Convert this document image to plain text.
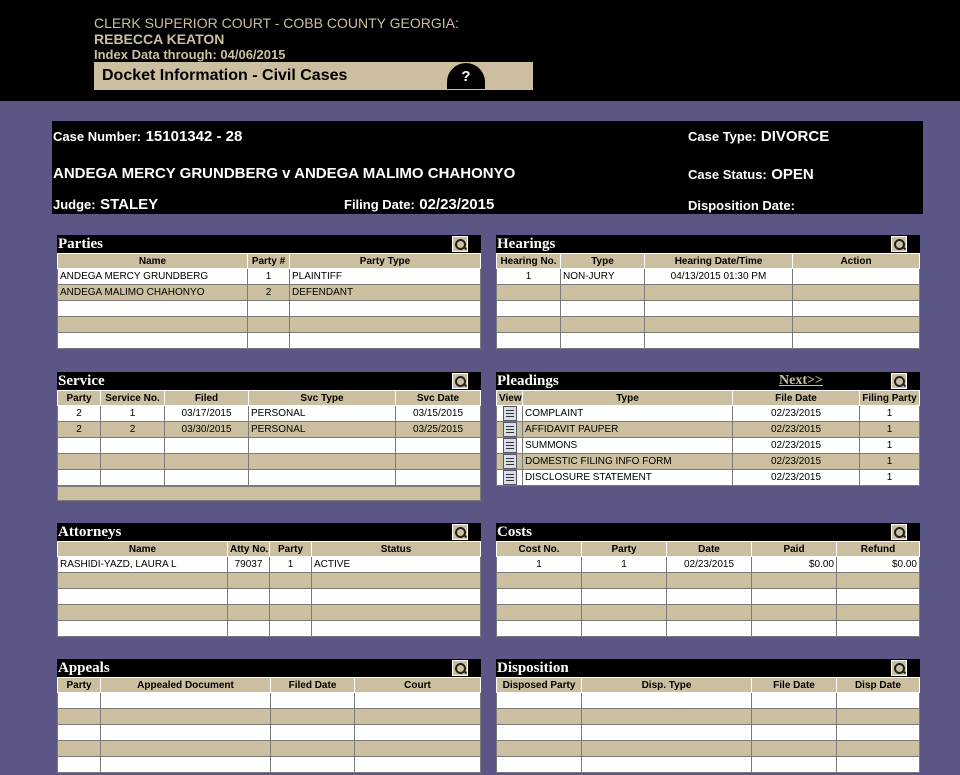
CLERK SUPERIOR COURT - COBB COUNTY GEORGIA:
REBECCA KEATON
Index Data through: 04/06/2015
Docket Information - Civil Cases	?
Case Number: 15101342 - 28	Case Type: DIVORCE
ANDEGA MERCY GRUNDBERG v ANDEGA MALIMO CHAHONYO	Case Status: OPEN
Judge: STALEY	Filing Date: 02/23/2015	Disposition Date:
Parties
Name	Party #	Party Type
ANDEGA MERCY GRUNDBERG	1	PLAINTIFF
ANDEGA MALIMO CHAHONYO	2	DEFENDANT

Hearings
Hearing No.	Type	Hearing Date/Time	Action
1	NON-JURY	04/13/2015 01:30 PM	

Service
Party	Service No.	Filed	Svc Type	Svc Date
2	1	03/17/2015	PERSONAL	03/15/2015
2	2	03/30/2015	PERSONAL	03/25/2015

Pleadings	Next>>
View	Type	File Date	Filing Party
	COMPLAINT	02/23/2015	1
	AFFIDAVIT PAUPER	02/23/2015	1
	SUMMONS	02/23/2015	1
	DOMESTIC FILING INFO FORM	02/23/2015	1
	DISCLOSURE STATEMENT	02/23/2015	1
Attorneys
Name	Atty No.	Party	Status
RASHIDI-YAZD, LAURA L	79037	1	ACTIVE

Costs
Cost No.	Party	Date	Paid	Refund
1	1	02/23/2015	$0.00	$0.00

Appeals
Party	Appealed Document	Filed Date	Court

Disposition
Disposed Party	Disp. Type	File Date	Disp Date
